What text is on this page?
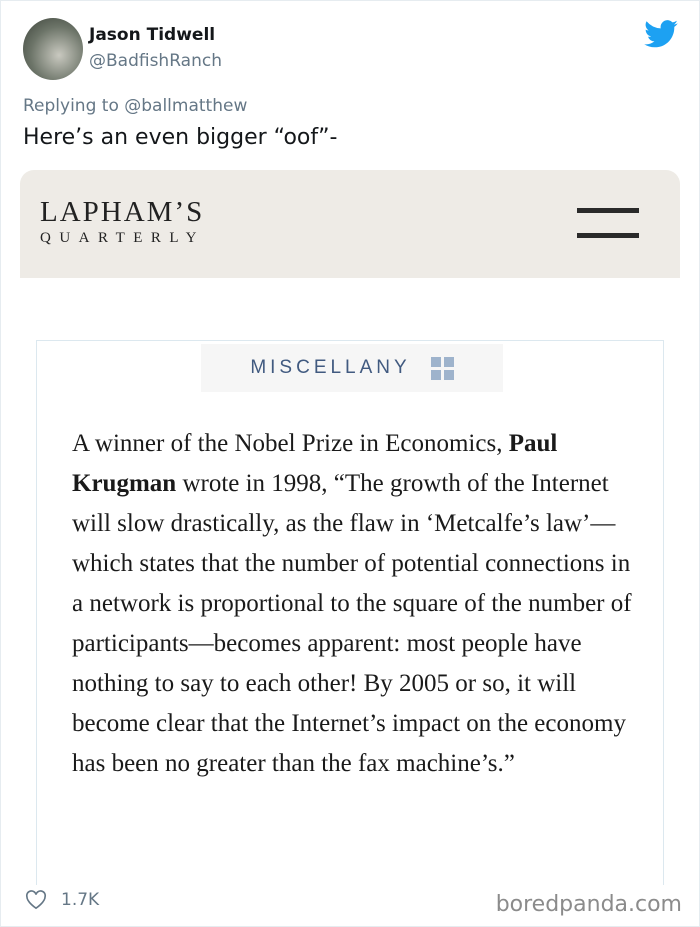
Jason Tidwell
@BadfishRanch
Replying to @ballmatthew
Here’s an even bigger “oof”-
LAPHAM’S
QUARTERLY
MISCELLANY
A winner of the Nobel Prize in Economics, Paul Krugman wrote in 1998, “The growth of the Internet will slow drastically, as the flaw in ‘Metcalfe’s law’—which states that the number of potential connections in a network is proportional to the square of the number of participants—becomes apparent: most people have nothing to say to each other! By 2005 or so, it will become clear that the Internet’s impact on the economy has been no greater than the fax machine’s.”
1.7K	boredpanda.com
